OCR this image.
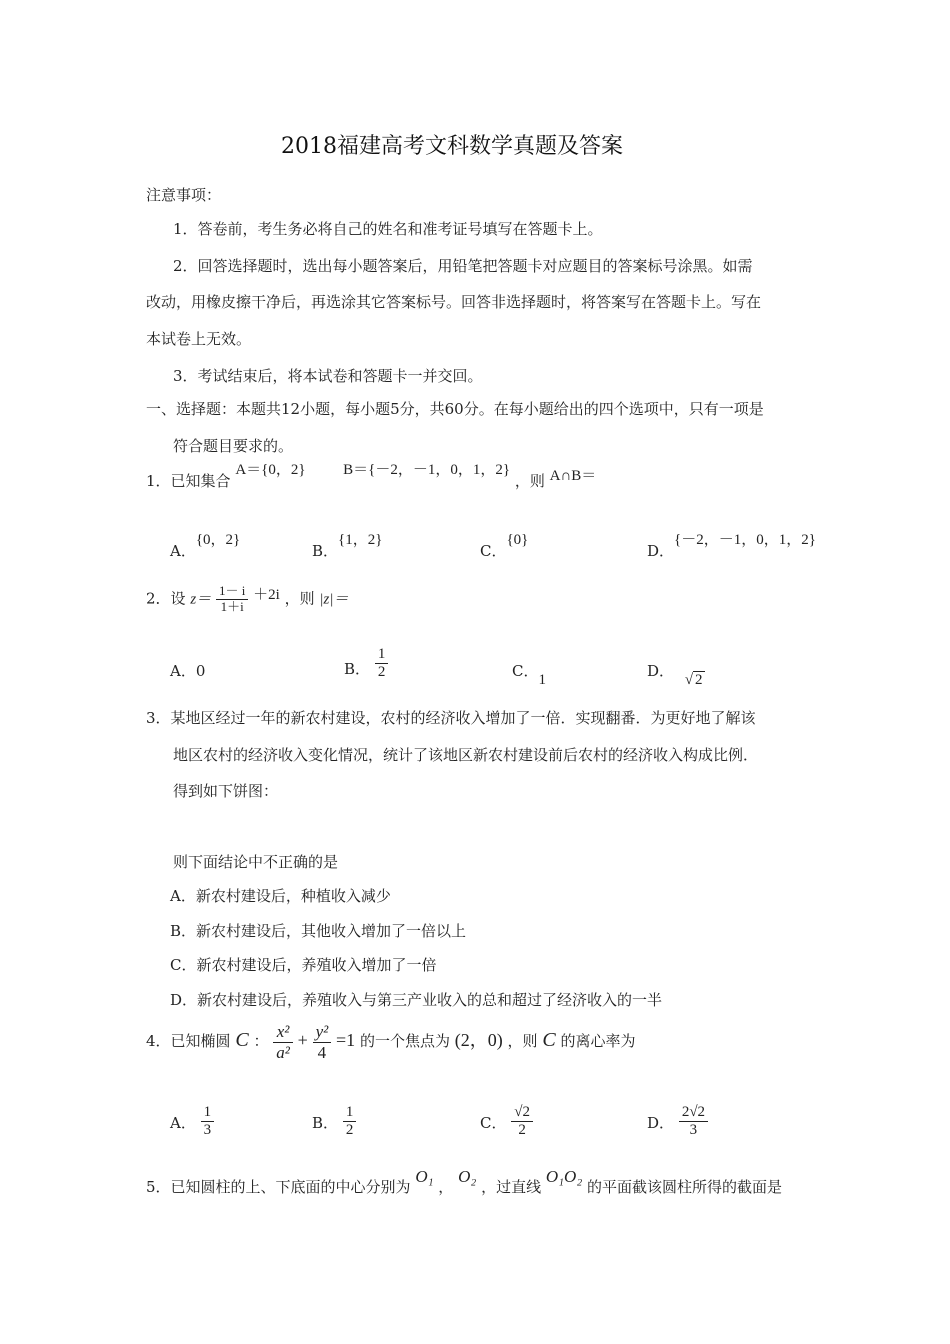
2018福建高考文科数学真题及答案
注意事项：
1．答卷前，考生务必将自己的姓名和准考证号填写在答题卡上。
2．回答选择题时，选出每小题答案后，用铅笔把答题卡对应题目的答案标号涂黑。如需
改动，用橡皮擦干净后，再选涂其它答案标号。回答非选择题时，将答案写在答题卡上。写在
本试卷上无效。
3．考试结束后，将本试卷和答题卡一并交回。
一、选择题：本题共12小题，每小题5分，共60分。在每小题给出的四个选项中，只有一项是
符合题目要求的。
1．已知集合 A＝{0，2}	B＝{－2，－1，0，1，2} ，则 A∩B＝
A．{0，2}
B．{1，2}
C．{0}
D．{－2，－1，0，1，2}
2．设 $z= \frac{1- i}{1+i} +2i$ ，则 |z|＝
A．0	B． $\frac{1}{2}$	C．1	D． √ 2
3．某地区经过一年的新农村建设，农村的经济收入增加了一倍．实现翻番．为更好地了解该
地区农村的经济收入变化情况，统计了该地区新农村建设前后农村的经济收入构成比例．
得到如下饼图：
则下面结论中不正确的是
A．新农村建设后，种植收入减少
B．新农村建设后，其他收入增加了一倍以上
C．新农村建设后，养殖收入增加了一倍
D．新农村建设后，养殖收入与第三产业收入的总和超过了经济收入的一半
4．已知椭圆 C ： $\frac{\text{x²}}{\text{a²}} + \frac{\text{y²}}{4} =1$ 的一个焦点为 (2，0) ，则 C 的离心率为
A． $\frac{1}{3}$	B． $\frac{1}{2}$	C． $\frac{√2}{2}$	D． $\frac{2√2}{3}$
5．已知圆柱的上、下底面的中心分别为 O₁ ， O₂ ，过直线 O₁O₂ 的平面截该圆柱所得的截面是
